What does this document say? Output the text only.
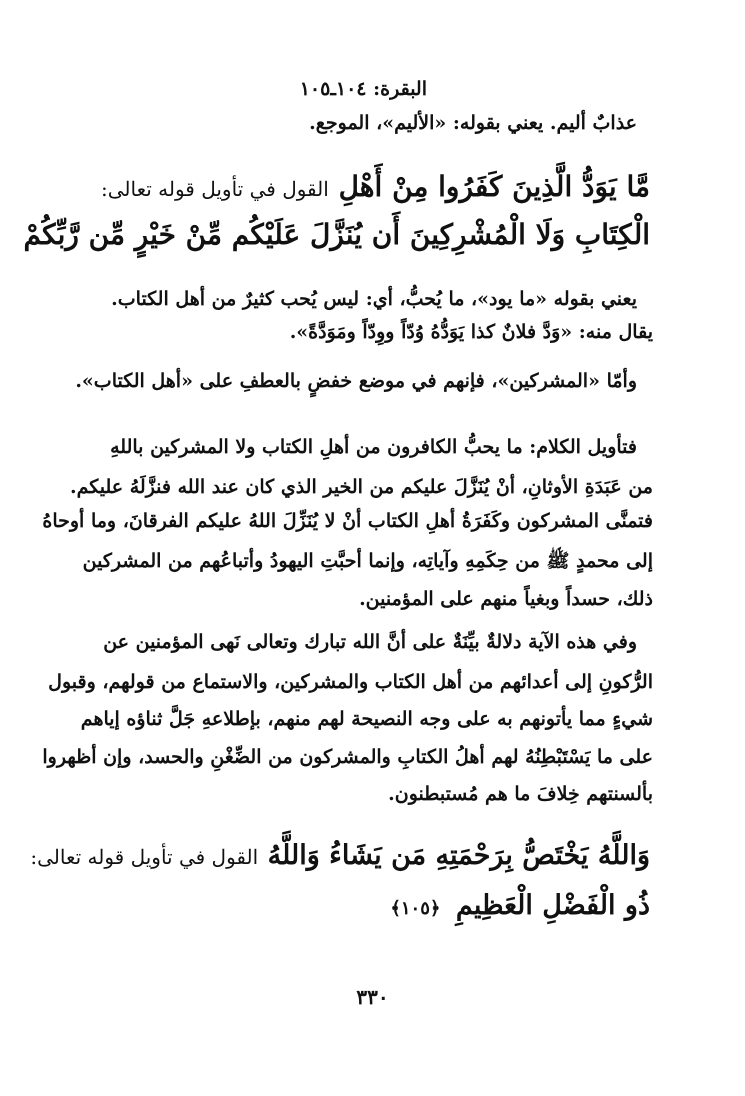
البقرة: ١٠٤ـ١٠٥
عذابٌ أليم. يعني بقوله: «الأليم»، الموجع.
مَّا يَوَدُّ الَّذِينَ كَفَرُوا مِنْ أَهْلِ القول في تأويل قوله تعالى:
الْكِتَابِ وَلَا الْمُشْرِكِينَ أَن يُنَزَّلَ عَلَيْكُم مِّنْ خَيْرٍ مِّن رَّبِّكُمْ
يعني بقوله «ما يود»، ما يُحبُّ، أي: ليس يُحب كثيرٌ من أهل الكتاب.
يقال منه: «وَدَّ فلانٌ كذا يَوَدُّهُ وُدّاً ووِدّاً ومَوَدَّةً».
وأمّا «المشركين»، فإنهم في موضع خفضٍ بالعطفِ على «أهل الكتاب».
فتأويل الكلام: ما يحبُّ الكافرون من أهلِ الكتاب ولا المشركين باللهِ
من عَبَدَةِ الأوثانِ، أنْ يُنَزَّلَ عليكم من الخير الذي كان عند الله فنزَّلَهُ عليكم.
فتمنَّى المشركون وكَفَرَةُ أهلِ الكتاب أنْ لا يُنَزِّلَ اللهُ عليكم الفرقانَ، وما أوحاهُ
إلى محمدٍ ﷺ من حِكَمِهِ وآياتِه، وإنما أحبَّتِ اليهودُ وأتباعُهم من المشركين
ذلك، حسداً وبغياً منهم على المؤمنين.
وفي هذه الآية دلالةٌ بيِّنَةٌ على أنَّ الله تبارك وتعالى نَهى المؤمنين عن
الرُّكونِ إلى أعدائهم من أهل الكتاب والمشركين، والاستماع من قولهم، وقبول
شيءٍ مما يأتونهم به على وجه النصيحة لهم منهم، بإطلاعهِ جَلَّ ثناؤه إياهم
على ما يَسْتَبْطِنُهُ لهم أهلُ الكتابِ والمشركون من الضِّغْنِ والحسد، وإن أظهروا
بألسنتهم خِلافَ ما هم مُستبطنون.
وَاللَّهُ يَخْتَصُّ بِرَحْمَتِهِ مَن يَشَاءُ وَاللَّهُ القول في تأويل قوله تعالى:
ذُو الْفَضْلِ الْعَظِيمِ ﴿١٠٥﴾
٣٣٠
